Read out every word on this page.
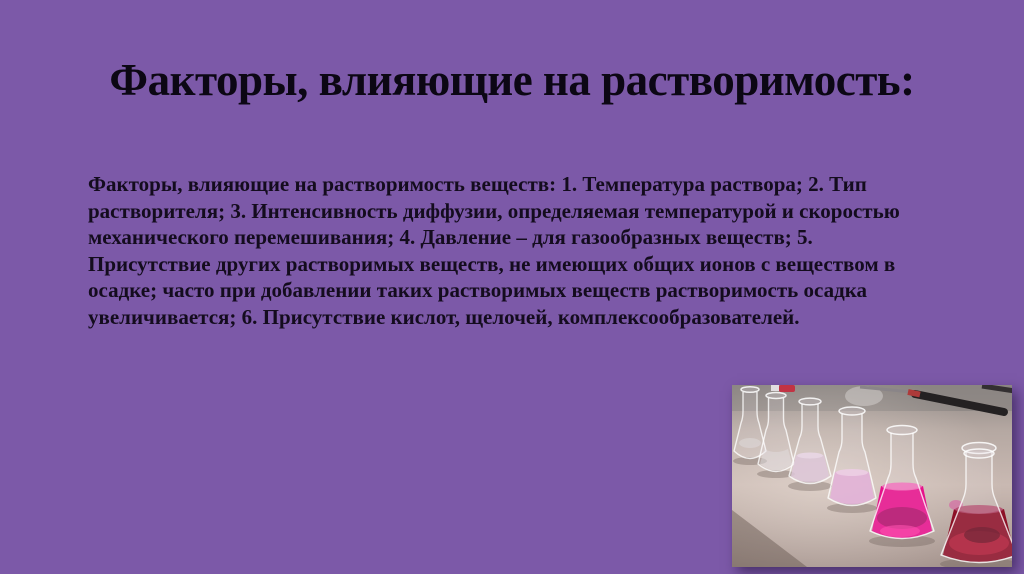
Факторы, влияющие на растворимость:
Факторы, влияющие на растворимость веществ: 1. Температура раствора; 2. Тип
растворителя; 3. Интенсивность диффузии, определяемая температурой и скоростью
механического перемешивания; 4. Давление – для газообразных веществ; 5.
Присутствие других растворимых веществ, не имеющих общих ионов с веществом в
осадке; часто при добавлении таких растворимых веществ растворимость осадка
увеличивается; 6. Присутствие кислот, щелочей, комплексообразователей.
